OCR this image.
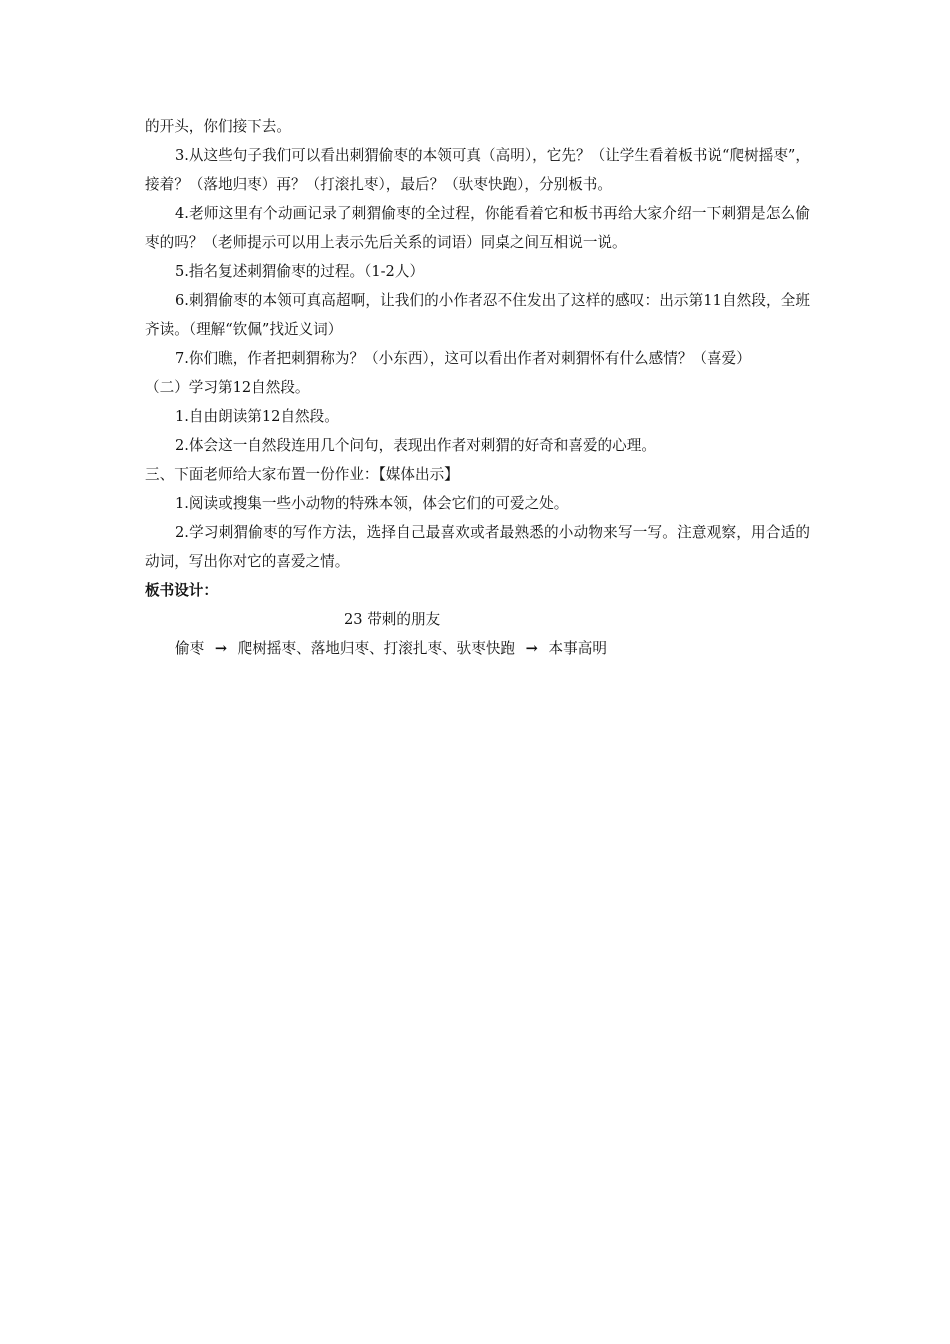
的开头，你们接下去。

3.从这些句子我们可以看出刺猬偷枣的本领可真（高明），它先？（让学生看着板书说“爬树摇枣”，接着？（落地归枣）再？（打滚扎枣），最后？（驮枣快跑），分别板书。

4.老师这里有个动画记录了刺猬偷枣的全过程，你能看着它和板书再给大家介绍一下刺猬是怎么偷枣的吗？（老师提示可以用上表示先后关系的词语）同桌之间互相说一说。

5.指名复述刺猬偷枣的过程。（1-2人）

6.刺猬偷枣的本领可真高超啊，让我们的小作者忍不住发出了这样的感叹：出示第11自然段，全班齐读。（理解“钦佩”找近义词）

7.你们瞧，作者把刺猬称为？（小东西），这可以看出作者对刺猬怀有什么感情？（喜爱）

（二）学习第12自然段。

1.自由朗读第12自然段。

2.体会这一自然段连用几个问句，表现出作者对刺猬的好奇和喜爱的心理。

三、下面老师给大家布置一份作业：【媒体出示】

1.阅读或搜集一些小动物的特殊本领，体会它们的可爱之处。

2.学习刺猬偷枣的写作方法，选择自己最喜欢或者最熟悉的小动物来写一写。注意观察，用合适的动词，写出你对它的喜爱之情。

板书设计：

23 带刺的朋友

偷枣 → 爬树摇枣、落地归枣、打滚扎枣、驮枣快跑 → 本事高明
